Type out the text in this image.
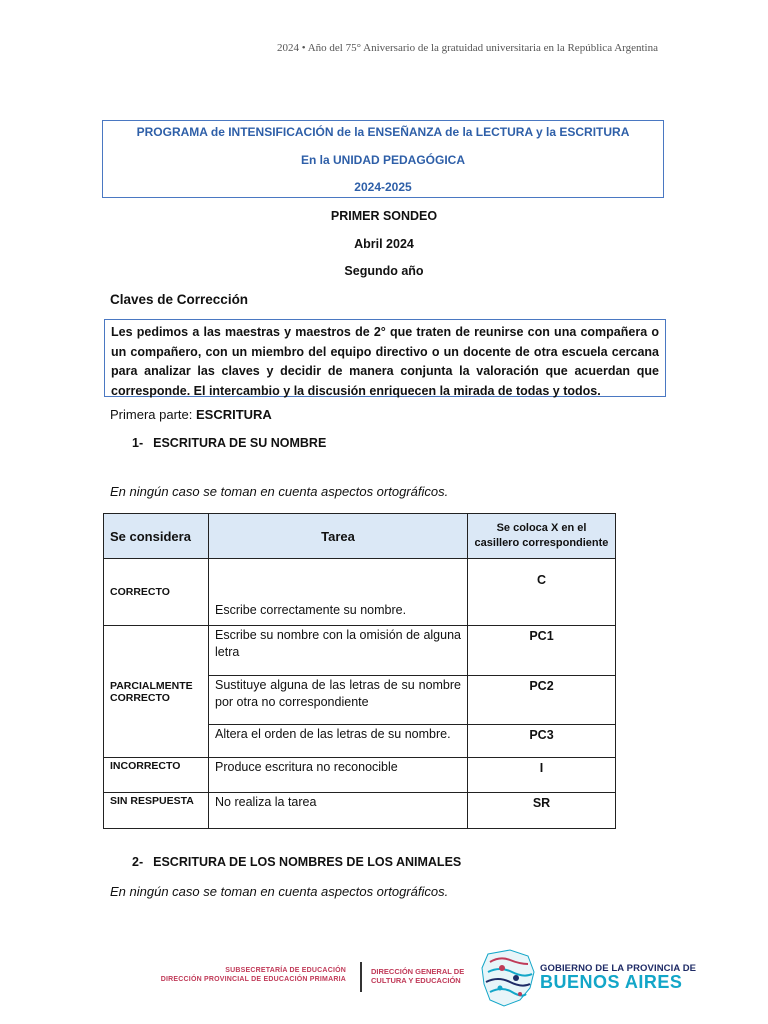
2024 • Año del 75° Aniversario de la gratuidad universitaria en la República Argentina
PROGRAMA de INTENSIFICACIÓN de la ENSEÑANZA de la LECTURA y la ESCRITURA
En la UNIDAD PEDAGÓGICA
2024-2025
PRIMER SONDEO
Abril 2024
Segundo año
Claves de Corrección
Les pedimos a las maestras y maestros de 2° que traten de reunirse con una compañera o un compañero, con un miembro del equipo directivo o un docente de otra escuela cercana para analizar las claves y decidir de manera conjunta la valoración que acuerdan que corresponde. El intercambio y la discusión enriquecen la mirada de todas y todos.
Primera parte: ESCRITURA
1- ESCRITURA DE SU NOMBRE
En ningún caso se toman en cuenta aspectos ortográficos.
Se considera	Tarea	Se coloca X en el casillero correspondiente
CORRECTO	Escribe correctamente su nombre.	C
PARCIALMENTE CORRECTO	Escribe su nombre con la omisión de alguna letra	PC1
	Sustituye alguna de las letras de su nombre por otra no correspondiente	PC2
	Altera el orden de las letras de su nombre.	PC3
INCORRECTO	Produce escritura no reconocible	I
SIN RESPUESTA	No realiza la tarea	SR
2- ESCRITURA DE LOS NOMBRES DE LOS ANIMALES
En ningún caso se toman en cuenta aspectos ortográficos.
SUBSECRETARÍA DE EDUCACIÓN
DIRECCIÓN PROVINCIAL DE EDUCACIÓN PRIMARIA
DIRECCIÓN GENERAL DE
CULTURA Y EDUCACIÓN
GOBIERNO DE LA PROVINCIA DE
BUENOS AIRES
